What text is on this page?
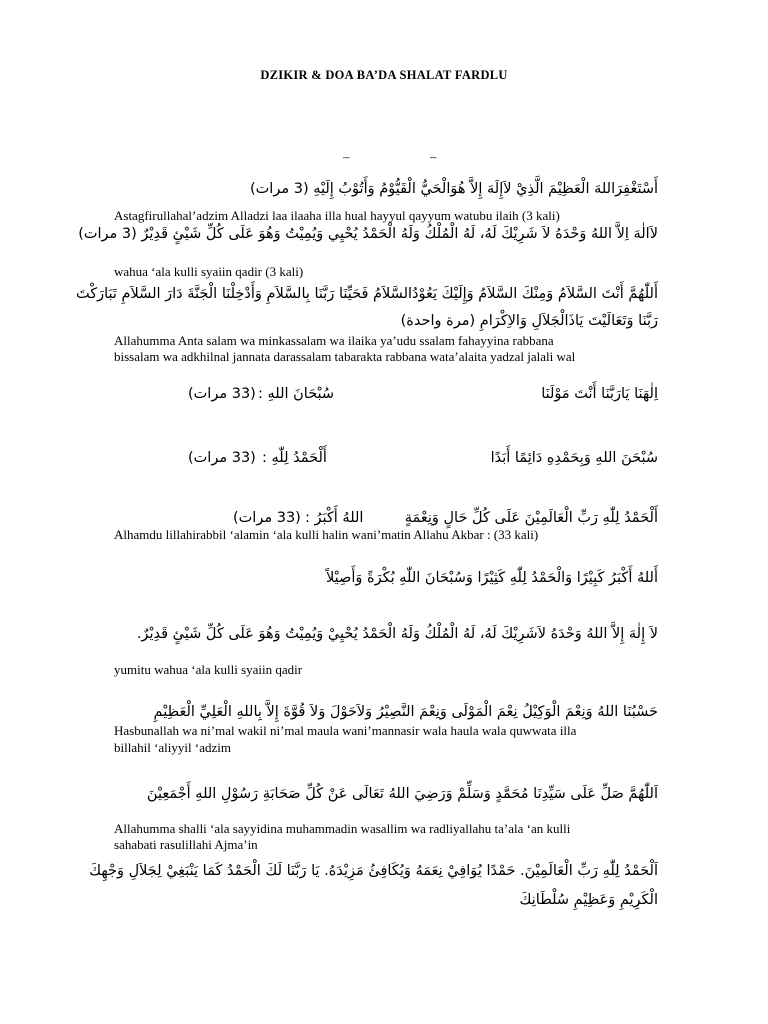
DZIKIR & DOA BA’DA SHALAT FARDLU
–	–
أَسْتَغْفِرَاللهَ الْعَظِيْمَ الَّذِيْ لاَإِلَهَ إِلاَّ هُوَالْحَيُّ الْقَيُّوْمُ وَأَتُوْبُ إِلَيْهِ (3 مرات)
Astagfirullahal’adzim Alladzi laa ilaaha illa hual hayyul qayyum watubu ilaih (3 kali)
لاَالٰهَ اِلاَّ اللهُ وَحْدَهُ لاَ شَرِيْكَ لَهُ، لَهُ الْمُلْكُ وَلَهُ الْحَمْدُ يُحْيِي وَيُمِيْتُ وَهُوَ عَلَى كُلِّ شَيْئٍ قَدِيْرٌ (3 مرات)
wahua ‘ala kulli syaiin qadir (3 kali)
أَللّٰهُمَّ أَنْتَ السَّلاَمُ وَمِنْكَ السَّلاَمُ وَإِلَيْكَ يَعُوْدُالسَّلاَمُ فَحَيِّنَا رَبَّنَا بِالسَّلاَمِ وَأَدْخِلْنَا الْجَنَّةَ دَارَ السَّلاَمِ تَبَارَكْتَ
رَبَّنَا وَتَعَالَيْتَ يَاذَالْجَلاَلِ وَالاِكْرَامِ (مرة واحدة)
Allahumma Anta salam wa minkassalam wa ilaika ya’udu ssalam fahayyina rabbana
bissalam wa adkhilnal jannata darassalam tabarakta rabbana wata’alaita yadzal jalali wal
اِلٰهَنَا يَارَبَّنَا أَنْتَ مَوْلَنَا
سُبْحَانَ اللهِ :
(33 مرات)
سُبْحَنَ اللهِ وَبِحَمْدِهِ دَائِمًا أَبَدًا
أَلْحَمْدُ لِلّٰهِ :
(33 مرات)
أَلْحَمْدُ لِلّٰهِ رَبِّ الْعَالَمِيْنَ عَلَى كُلِّ حَالٍ وَنِعْمَةٍ
اللهُ أَكْبَرُ :
(33 مرات)
Alhamdu lillahirabbil ‘alamin ‘ala kulli halin wani’matin Allahu Akbar : (33 kali)
أَللهُ أَكْبَرُ كَبِيْرًا وَالْحَمْدُ لِلّٰهِ كَثِيْرًا وَسُبْحَانَ اللّٰهِ بُكْرَةً وَأَصِيْلاً
لاَ إِلٰهَ إِلاَّ اللهُ وَحْدَهُ لاَشَرِيْكَ لَهُ، لَهُ الْمُلْكُ وَلَهُ الْحَمْدُ يُحْيِيْ وَيُمِيْتُ وَهُوَ عَلَى كُلِّ شَيْئٍ قَدِيْرٌ.
yumitu wahua ‘ala kulli syaiin qadir
حَسْبُنَا اللهُ وَنِعْمَ الْوَكِيْلُ نِعْمَ الْمَوْلَى وَنِعْمَ النَّصِيْرُ وَلاَحَوْلَ وَلاَ قُوَّةَ إِلاَّ بِاللهِ الْعَلِيِّ الْعَظِيْمِ
Hasbunallah wa ni’mal wakil ni’mal maula wani’mannasir wala haula wala quwwata illa
billahil ‘aliyyil ‘adzim
اَللّٰهُمَّ صَلِّ عَلَى سَيِّدِنَا مُحَمَّدٍ وَسَلِّمْ وَرَضِيَ اللهُ تَعَالَى عَنْ كُلِّ صَحَابَةِ رَسُوْلِ اللهِ أَجْمَعِيْنَ
Allahumma shalli ‘ala sayyidina muhammadin wasallim wa radliyallahu ta’ala ‘an kulli
sahabati rasulillahi Ajma’in
اَلْحَمْدُ لِلّٰهِ رَبِّ الْعَالَمِيْنَ. حَمْدًا يُوَافِيْ نِعَمَهُ وَيُكَافِئُ مَزِيْدَهُ. يَا رَبَّنَا لَكَ الْحَمْدُ كَمَا يَنْبَغِيْ لِجَلاَلِ وَجْهِكَ
الْكَرِيْمِ وَعَظِيْمِ سُلْطَانِكَ
